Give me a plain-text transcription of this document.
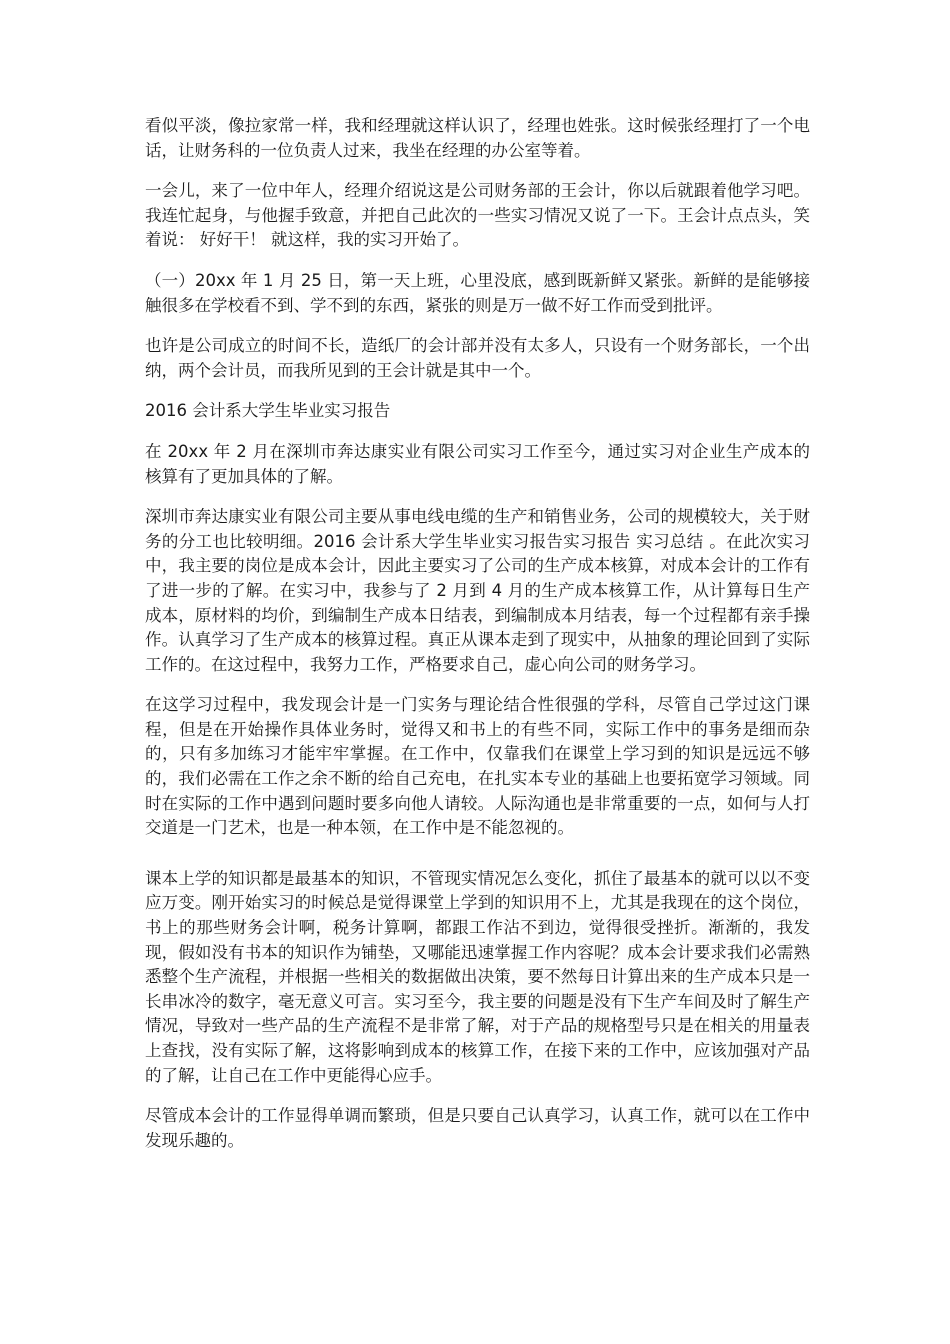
看似平淡，像拉家常一样，我和经理就这样认识了，经理也姓张。这时候张经理打了一个电话，让财务科的一位负责人过来，我坐在经理的办公室等着。

一会儿，来了一位中年人，经理介绍说这是公司财务部的王会计，你以后就跟着他学习吧。我连忙起身，与他握手致意，并把自己此次的一些实习情况又说了一下。王会计点点头，笑着说： 好好干！ 就这样，我的实习开始了。

（一）20xx 年 1 月 25 日，第一天上班，心里没底，感到既新鲜又紧张。新鲜的是能够接触很多在学校看不到、学不到的东西，紧张的则是万一做不好工作而受到批评。

也许是公司成立的时间不长，造纸厂的会计部并没有太多人，只设有一个财务部长，一个出纳，两个会计员，而我所见到的王会计就是其中一个。

2016 会计系大学生毕业实习报告

在 20xx 年 2 月在深圳市奔达康实业有限公司实习工作至今，通过实习对企业生产成本的核算有了更加具体的了解。

深圳市奔达康实业有限公司主要从事电线电缆的生产和销售业务，公司的规模较大，关于财务的分工也比较明细。2016 会计系大学生毕业实习报告实习报告 实习总结 。在此次实习中，我主要的岗位是成本会计，因此主要实习了公司的生产成本核算，对成本会计的工作有了进一步的了解。在实习中，我参与了 2 月到 4 月的生产成本核算工作，从计算每日生产成本，原材料的均价，到编制生产成本日结表，到编制成本月结表，每一个过程都有亲手操作。认真学习了生产成本的核算过程。真正从课本走到了现实中，从抽象的理论回到了实际工作的。在这过程中，我努力工作，严格要求自己，虚心向公司的财务学习。

在这学习过程中，我发现会计是一门实务与理论结合性很强的学科，尽管自己学过这门课程，但是在开始操作具体业务时，觉得又和书上的有些不同，实际工作中的事务是细而杂的，只有多加练习才能牢牢掌握。在工作中，仅靠我们在课堂上学习到的知识是远远不够的，我们必需在工作之余不断的给自己充电，在扎实本专业的基础上也要拓宽学习领域。同时在实际的工作中遇到问题时要多向他人请较。人际沟通也是非常重要的一点，如何与人打交道是一门艺术，也是一种本领，在工作中是不能忽视的。

课本上学的知识都是最基本的知识，不管现实情况怎么变化，抓住了最基本的就可以以不变应万变。刚开始实习的时候总是觉得课堂上学到的知识用不上，尤其是我现在的这个岗位，书上的那些财务会计啊，税务计算啊，都跟工作沾不到边，觉得很受挫折。渐渐的，我发现，假如没有书本的知识作为铺垫，又哪能迅速掌握工作内容呢？成本会计要求我们必需熟悉整个生产流程，并根据一些相关的数据做出决策，要不然每日计算出来的生产成本只是一长串冰冷的数字，毫无意义可言。实习至今，我主要的问题是没有下生产车间及时了解生产情况，导致对一些产品的生产流程不是非常了解，对于产品的规格型号只是在相关的用量表上查找，没有实际了解，这将影响到成本的核算工作，在接下来的工作中，应该加强对产品的了解，让自己在工作中更能得心应手。

尽管成本会计的工作显得单调而繁琐，但是只要自己认真学习，认真工作，就可以在工作中发现乐趣的。
